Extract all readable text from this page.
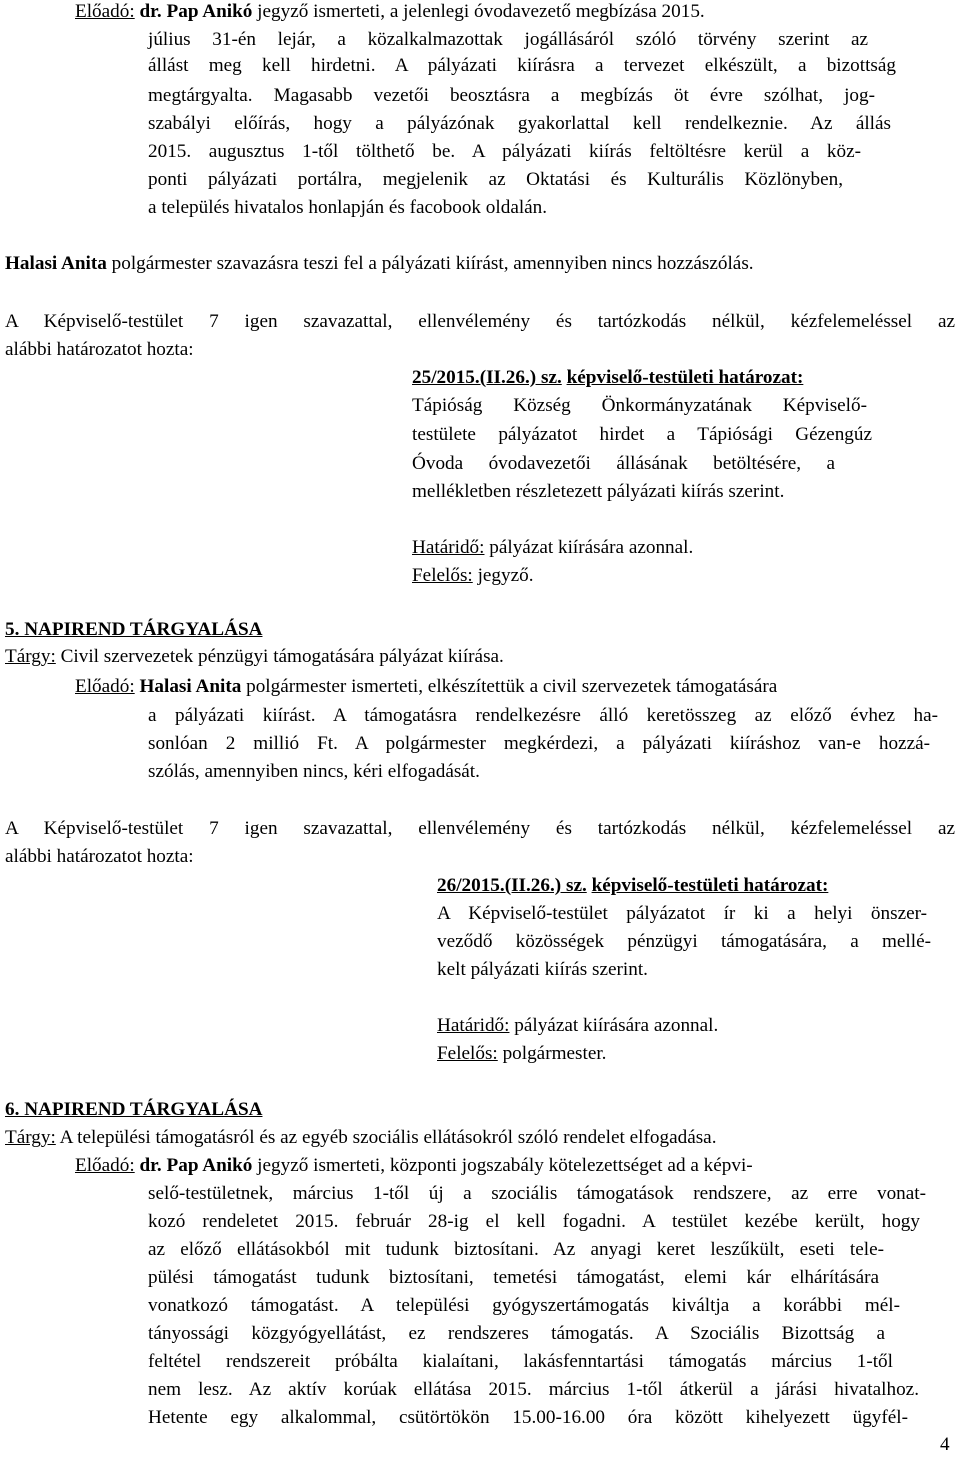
Előadó: dr. Pap Anikó jegyző ismerteti, a jelenlegi óvodavezető megbízása 2015.
július 31-én lejár, a közalkalmazottak jogállásáról szóló törvény szerint az
állást meg kell hirdetni. A pályázati kiírásra a tervezet elkészült, a bizottság
megtárgyalta. Magasabb vezetői beosztásra a megbízás öt évre szólhat, jog-
szabályi előírás, hogy a pályázónak gyakorlattal kell rendelkeznie. Az állás
2015. augusztus 1-től tölthető be. A pályázati kiírás feltöltésre kerül a köz-
ponti pályázati portálra, megjelenik az Oktatási és Kulturális Közlönyben,
a település hivatalos honlapján és facobook oldalán.
Halasi Anita polgármester szavazásra teszi fel a pályázati kiírást, amennyiben nincs hozzászólás.
A Képviselő-testület 7 igen szavazattal, ellenvélemény és tartózkodás nélkül, kézfelemeléssel az
alábbi határozatot hozta:
25/2015.(II.26.) sz. képviselő-testületi határozat:
Tápióság Község Önkormányzatának Képviselő-
testülete pályázatot hirdet a Tápiósági Gézengúz
Óvoda óvodavezetői állásának betöltésére, a
mellékletben részletezett pályázati kiírás szerint.
Határidő: pályázat kiírására azonnal.
Felelős: jegyző.
5. NAPIREND TÁRGYALÁSA
Tárgy: Civil szervezetek pénzügyi támogatására pályázat kiírása.
Előadó: Halasi Anita polgármester ismerteti, elkészítettük a civil szervezetek támogatására
a pályázati kiírást. A támogatásra rendelkezésre álló keretösszeg az előző évhez ha-
sonlóan 2 millió Ft. A polgármester megkérdezi, a pályázati kiíráshoz van-e hozzá-
szólás, amennyiben nincs, kéri elfogadását.
A Képviselő-testület 7 igen szavazattal, ellenvélemény és tartózkodás nélkül, kézfelemeléssel az
alábbi határozatot hozta:
26/2015.(II.26.) sz. képviselő-testületi határozat:
A Képviselő-testület pályázatot ír ki a helyi önszer-
veződő közösségek pénzügyi támogatására, a mellé-
kelt pályázati kiírás szerint.
Határidő: pályázat kiírására azonnal.
Felelős: polgármester.
6. NAPIREND TÁRGYALÁSA
Tárgy: A települési támogatásról és az egyéb szociális ellátásokról szóló rendelet elfogadása.
Előadó: dr. Pap Anikó jegyző ismerteti, központi jogszabály kötelezettséget ad a képvi-
selő-testületnek, március 1-től új a szociális támogatások rendszere, az erre vonat-
kozó rendeletet 2015. február 28-ig el kell fogadni. A testület kezébe került, hogy
az előző ellátásokból mit tudunk biztosítani. Az anyagi keret leszűkült, eseti tele-
pülési támogatást tudunk biztosítani, temetési támogatást, elemi kár elhárítására
vonatkozó támogatást. A települési gyógyszertámogatás kiváltja a korábbi mél-
tányossági közgyógyellátást, ez rendszeres támogatás. A Szociális Bizottság a
feltétel rendszereit próbálta kialaítani, lakásfenntartási támogatás március 1-től
nem lesz. Az aktív korúak ellátása 2015. március 1-től átkerül a járási hivatalhoz.
Hetente egy alkalommal, csütörtökön 15.00-16.00 óra között kihelyezett ügyfél-
4
